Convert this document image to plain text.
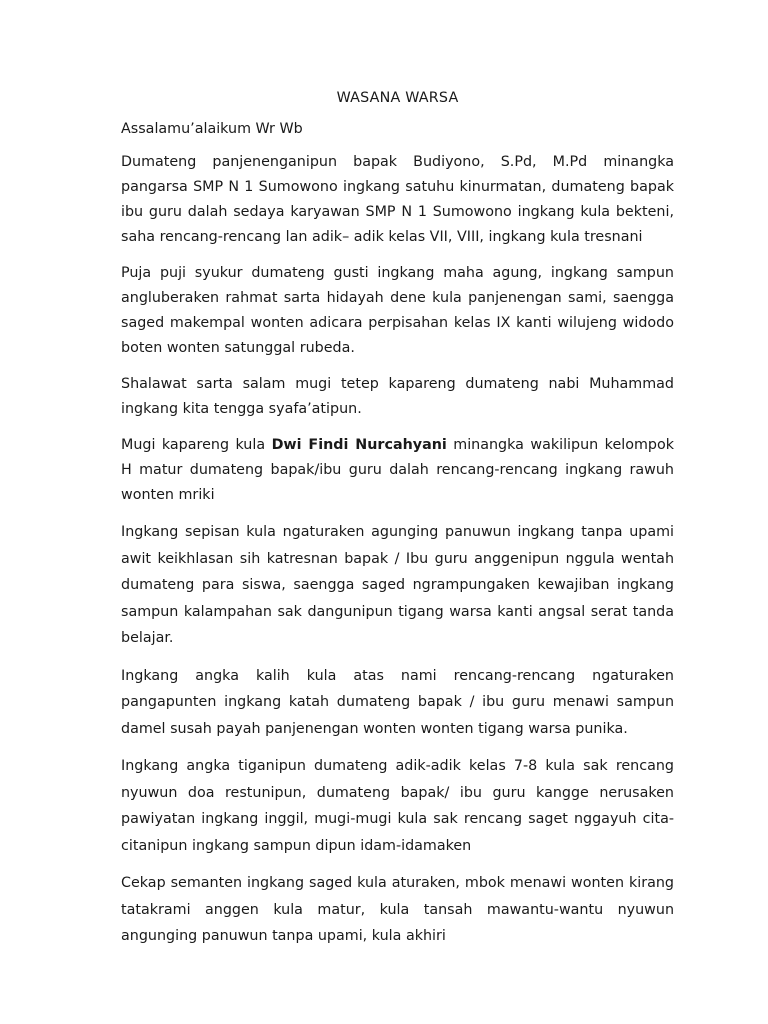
WASANA WARSA
Assalamu’alaikum Wr Wb

Dumateng panjenenganipun bapak Budiyono, S.Pd, M.Pd minangka pangarsa SMP N 1 Sumowono ingkang satuhu kinurmatan, dumateng bapak ibu guru dalah sedaya karyawan SMP N 1 Sumowono ingkang kula bekteni, saha rencang-rencang lan adik– adik kelas VII, VIII, ingkang kula tresnani

Puja puji syukur dumateng gusti ingkang maha agung, ingkang sampun angluberaken rahmat sarta hidayah dene kula panjenengan sami, saengga saged makempal wonten adicara perpisahan kelas IX kanti wilujeng widodo boten wonten satunggal rubeda.

Shalawat sarta salam mugi tetep kapareng dumateng nabi Muhammad ingkang kita tengga syafa’atipun.

Mugi kapareng kula Dwi Findi Nurcahyani minangka wakilipun kelompok H matur dumateng bapak/ibu guru dalah rencang-rencang ingkang rawuh wonten mriki

Ingkang sepisan kula ngaturaken agunging panuwun ingkang tanpa upami awit keikhlasan sih katresnan bapak / Ibu guru anggenipun nggula wentah dumateng para siswa, saengga saged ngrampungaken kewajiban ingkang sampun kalampahan sak dangunipun tigang warsa kanti angsal serat tanda belajar.

Ingkang angka kalih kula atas nami rencang-rencang ngaturaken pangapunten ingkang katah dumateng bapak / ibu guru menawi sampun damel susah payah panjenengan wonten wonten tigang warsa punika.

Ingkang angka tiganipun dumateng adik-adik kelas 7-8 kula sak rencang nyuwun doa restunipun, dumateng bapak/ ibu guru kangge nerusaken pawiyatan ingkang inggil, mugi-mugi kula sak rencang saget nggayuh cita-citanipun ingkang sampun dipun idam-idamaken

Cekap semanten ingkang saged kula aturaken, mbok menawi wonten kirang tatakrami anggen kula matur, kula tansah mawantu-wantu nyuwun angunging panuwun tanpa upami, kula akhiri
